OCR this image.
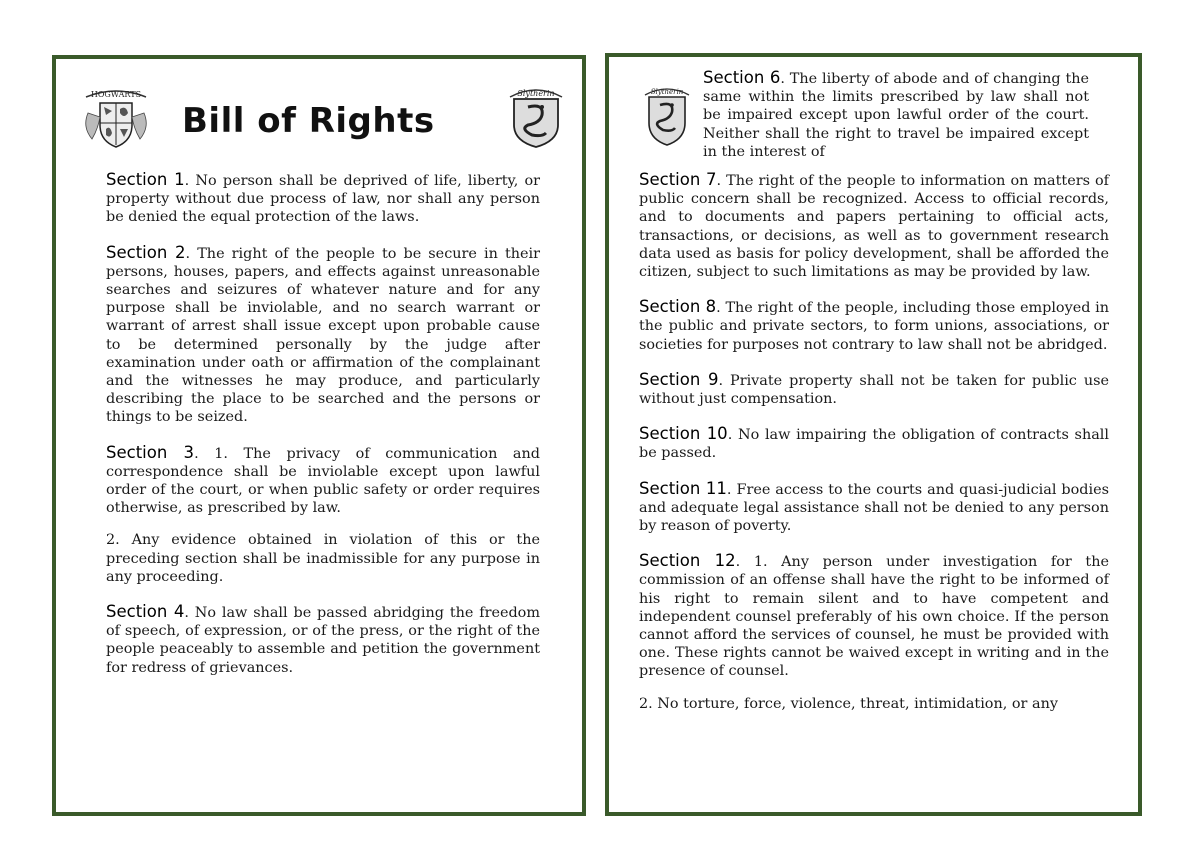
HOGWARTS
Bill of Rights
Slytherin

Section 1. No person shall be deprived of life, liberty, or property without due process of law, nor shall any person be denied the equal protection of the laws.

Section 2. The right of the people to be secure in their persons, houses, papers, and effects against unreasonable searches and seizures of whatever nature and for any purpose shall be inviolable, and no search warrant or warrant of arrest shall issue except upon probable cause to be determined personally by the judge after examination under oath or affirmation of the complainant and the witnesses he may produce, and particularly describing the place to be searched and the persons or things to be seized.

Section 3. 1. The privacy of communication and correspondence shall be inviolable except upon lawful order of the court, or when public safety or order requires otherwise, as prescribed by law.

2. Any evidence obtained in violation of this or the preceding section shall be inadmissible for any purpose in any proceeding.

Section 4. No law shall be passed abridging the freedom of speech, of expression, or of the press, or the right of the people peaceably to assemble and petition the government for redress of grievances.

Slytherin
Section 6. The liberty of abode and of changing the same within the limits prescribed by law shall not be impaired except upon lawful order of the court. Neither shall the right to travel be impaired except in the interest of

Section 7. The right of the people to information on matters of public concern shall be recognized. Access to official records, and to documents and papers pertaining to official acts, transactions, or decisions, as well as to government research data used as basis for policy development, shall be afforded the citizen, subject to such limitations as may be provided by law.

Section 8. The right of the people, including those employed in the public and private sectors, to form unions, associations, or societies for purposes not contrary to law shall not be abridged.

Section 9. Private property shall not be taken for public use without just compensation.

Section 10. No law impairing the obligation of contracts shall be passed.

Section 11. Free access to the courts and quasi-judicial bodies and adequate legal assistance shall not be denied to any person by reason of poverty.

Section 12. 1. Any person under investigation for the commission of an offense shall have the right to be informed of his right to remain silent and to have competent and independent counsel preferably of his own choice. If the person cannot afford the services of counsel, he must be provided with one. These rights cannot be waived except in writing and in the presence of counsel.

2. No torture, force, violence, threat, intimidation, or any
